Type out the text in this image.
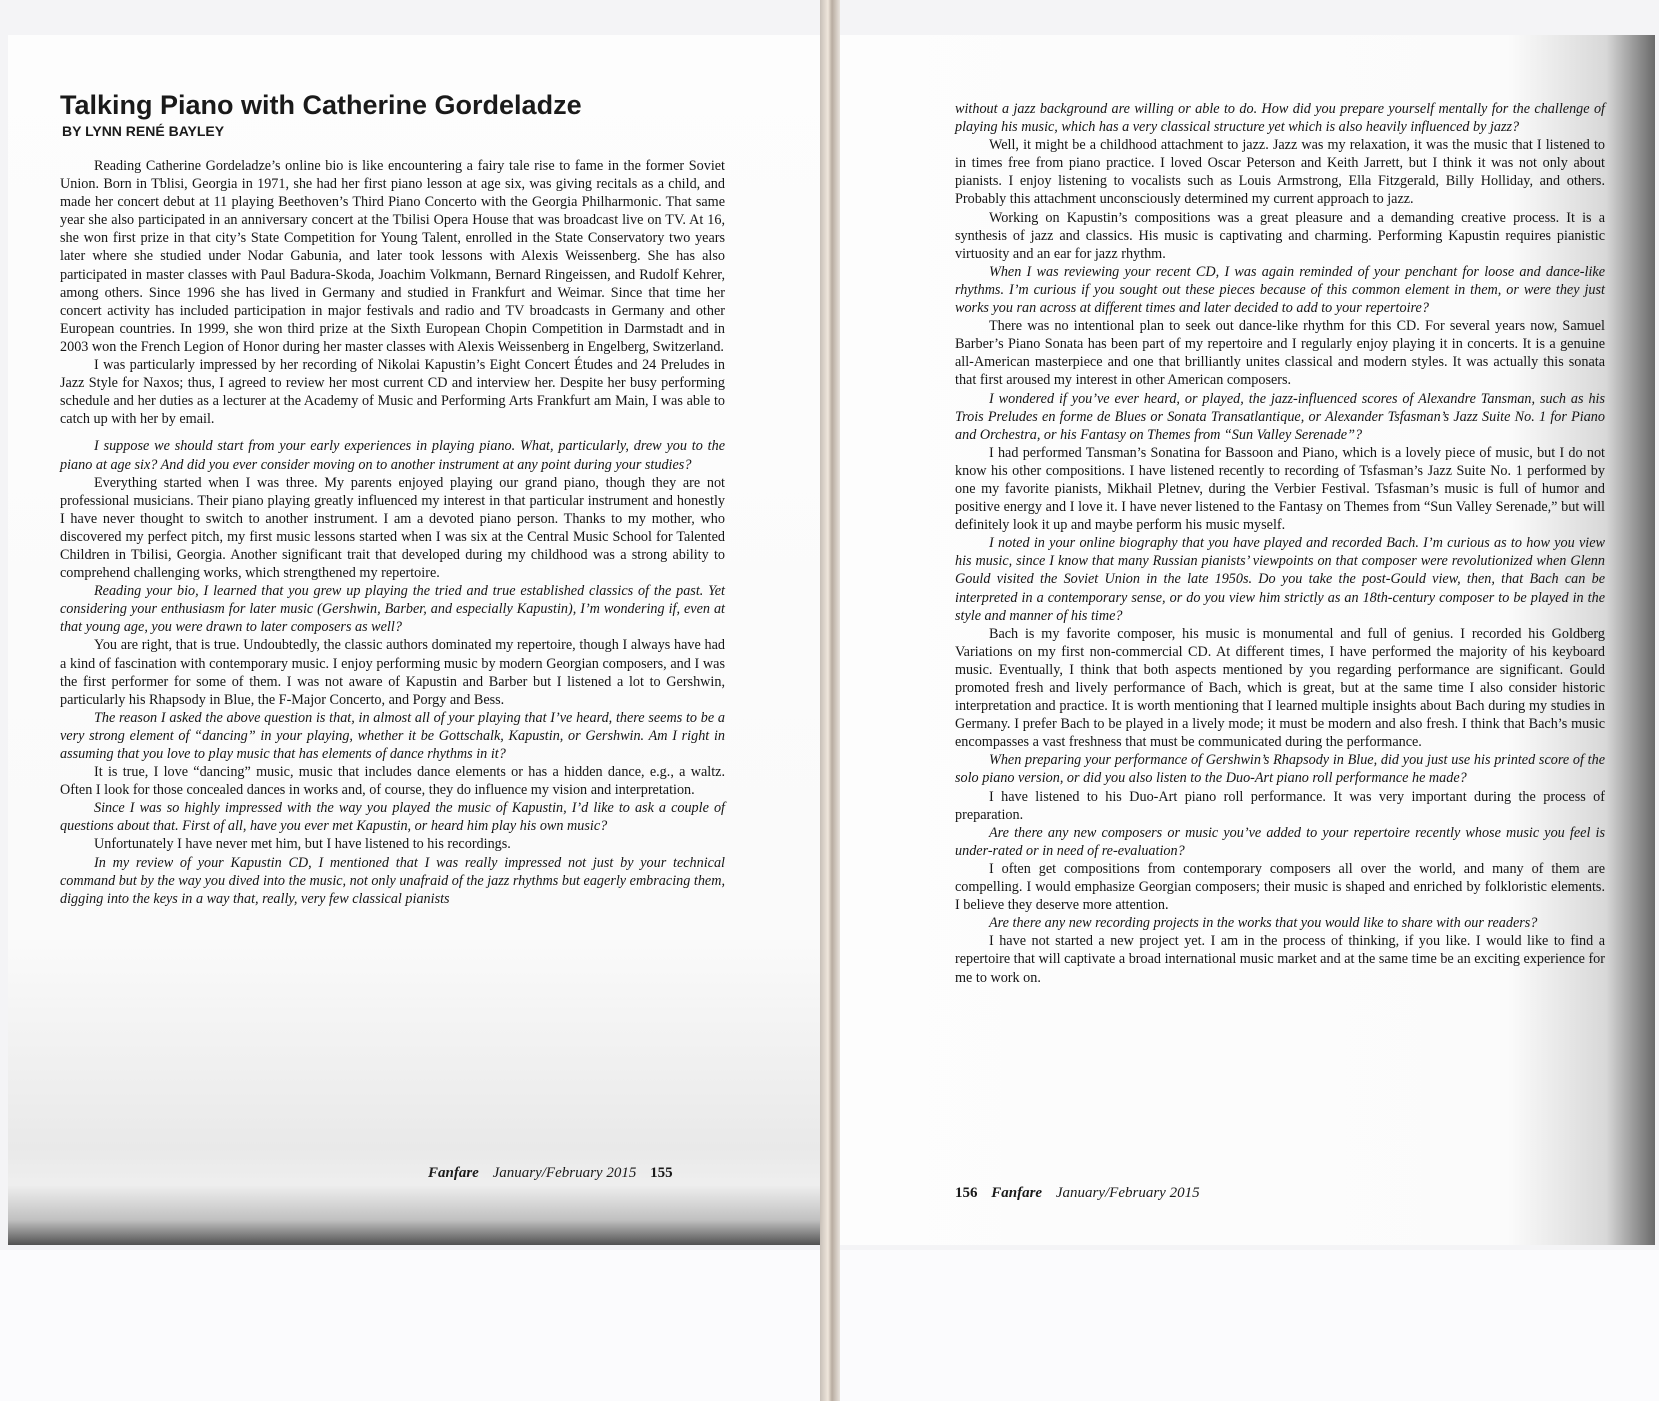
Talking Piano with Catherine Gordeladze
BY LYNN RENÉ BAYLEY

Reading Catherine Gordeladze’s online bio is like encountering a fairy tale rise to fame in the former Soviet Union. Born in Tblisi, Georgia in 1971, she had her first piano lesson at age six, was giving recitals as a child, and made her concert debut at 11 playing Beethoven’s Third Piano Concerto with the Georgia Philharmonic. That same year she also participated in an anniversary concert at the Tbilisi Opera House that was broadcast live on TV. At 16, she won first prize in that city’s State Competition for Young Talent, enrolled in the State Conservatory two years later where she studied under Nodar Gabunia, and later took lessons with Alexis Weissenberg. She has also participated in master classes with Paul Badura-Skoda, Joachim Volkmann, Bernard Ringeissen, and Rudolf Kehrer, among others. Since 1996 she has lived in Germany and studied in Frankfurt and Weimar. Since that time her concert activity has included participation in major festivals and radio and TV broadcasts in Germany and other European countries. In 1999, she won third prize at the Sixth European Chopin Competition in Darmstadt and in 2003 won the French Legion of Honor during her master classes with Alexis Weissenberg in Engelberg, Switzerland.

I was particularly impressed by her recording of Nikolai Kapustin’s Eight Concert Études and 24 Preludes in Jazz Style for Naxos; thus, I agreed to review her most current CD and interview her. Despite her busy performing schedule and her duties as a lecturer at the Academy of Music and Performing Arts Frankfurt am Main, I was able to catch up with her by email.

I suppose we should start from your early experiences in playing piano. What, particularly, drew you to the piano at age six? And did you ever consider moving on to another instrument at any point during your studies?

Everything started when I was three. My parents enjoyed playing our grand piano, though they are not professional musicians. Their piano playing greatly influenced my interest in that particular instrument and honestly I have never thought to switch to another instrument. I am a devoted piano person. Thanks to my mother, who discovered my perfect pitch, my first music lessons started when I was six at the Central Music School for Talented Children in Tbilisi, Georgia. Another significant trait that developed during my childhood was a strong ability to comprehend challenging works, which strengthened my repertoire.

Reading your bio, I learned that you grew up playing the tried and true established classics of the past. Yet considering your enthusiasm for later music (Gershwin, Barber, and especially Kapustin), I’m wondering if, even at that young age, you were drawn to later composers as well?

You are right, that is true. Undoubtedly, the classic authors dominated my repertoire, though I always have had a kind of fascination with contemporary music. I enjoy performing music by modern Georgian composers, and I was the first performer for some of them. I was not aware of Kapustin and Barber but I listened a lot to Gershwin, particularly his Rhapsody in Blue, the F-Major Concerto, and Porgy and Bess.

The reason I asked the above question is that, in almost all of your playing that I’ve heard, there seems to be a very strong element of “dancing” in your playing, whether it be Gottschalk, Kapustin, or Gershwin. Am I right in assuming that you love to play music that has elements of dance rhythms in it?

It is true, I love “dancing” music, music that includes dance elements or has a hidden dance, e.g., a waltz. Often I look for those concealed dances in works and, of course, they do influence my vision and interpretation.

Since I was so highly impressed with the way you played the music of Kapustin, I’d like to ask a couple of questions about that. First of all, have you ever met Kapustin, or heard him play his own music?

Unfortunately I have never met him, but I have listened to his recordings.

In my review of your Kapustin CD, I mentioned that I was really impressed not just by your technical command but by the way you dived into the music, not only unafraid of the jazz rhythms but eagerly embracing them, digging into the keys in a way that, really, very few classical pianists

Fanfare January/February 2015 155

without a jazz background are willing or able to do. How did you prepare yourself mentally for the challenge of playing his music, which has a very classical structure yet which is also heavily influenced by jazz?

Well, it might be a childhood attachment to jazz. Jazz was my relaxation, it was the music that I listened to in times free from piano practice. I loved Oscar Peterson and Keith Jarrett, but I think it was not only about pianists. I enjoy listening to vocalists such as Louis Armstrong, Ella Fitzgerald, Billy Holliday, and others. Probably this attachment unconsciously determined my current approach to jazz.

Working on Kapustin’s compositions was a great pleasure and a demanding creative process. It is a synthesis of jazz and classics. His music is captivating and charming. Performing Kapustin requires pianistic virtuosity and an ear for jazz rhythm.

When I was reviewing your recent CD, I was again reminded of your penchant for loose and dance-like rhythms. I’m curious if you sought out these pieces because of this common element in them, or were they just works you ran across at different times and later decided to add to your repertoire?

There was no intentional plan to seek out dance-like rhythm for this CD. For several years now, Samuel Barber’s Piano Sonata has been part of my repertoire and I regularly enjoy playing it in concerts. It is a genuine all-American masterpiece and one that brilliantly unites classical and modern styles. It was actually this sonata that first aroused my interest in other American composers.

I wondered if you’ve ever heard, or played, the jazz-influenced scores of Alexandre Tansman, such as his Trois Preludes en forme de Blues or Sonata Transatlantique, or Alexander Tsfasman’s Jazz Suite No. 1 for Piano and Orchestra, or his Fantasy on Themes from “Sun Valley Serenade”?

I had performed Tansman’s Sonatina for Bassoon and Piano, which is a lovely piece of music, but I do not know his other compositions. I have listened recently to recording of Tsfasman’s Jazz Suite No. 1 performed by one my favorite pianists, Mikhail Pletnev, during the Verbier Festival. Tsfasman’s music is full of humor and positive energy and I love it. I have never listened to the Fantasy on Themes from “Sun Valley Serenade,” but will definitely look it up and maybe perform his music myself.

I noted in your online biography that you have played and recorded Bach. I’m curious as to how you view his music, since I know that many Russian pianists’ viewpoints on that composer were revolutionized when Glenn Gould visited the Soviet Union in the late 1950s. Do you take the post-Gould view, then, that Bach can be interpreted in a contemporary sense, or do you view him strictly as an 18th-century composer to be played in the style and manner of his time?

Bach is my favorite composer, his music is monumental and full of genius. I recorded his Goldberg Variations on my first non-commercial CD. At different times, I have performed the majority of his keyboard music. Eventually, I think that both aspects mentioned by you regarding performance are significant. Gould promoted fresh and lively performance of Bach, which is great, but at the same time I also consider historic interpretation and practice. It is worth mentioning that I learned multiple insights about Bach during my studies in Germany. I prefer Bach to be played in a lively mode; it must be modern and also fresh. I think that Bach’s music encompasses a vast freshness that must be communicated during the performance.

When preparing your performance of Gershwin’s Rhapsody in Blue, did you just use his printed score of the solo piano version, or did you also listen to the Duo-Art piano roll performance he made?

I have listened to his Duo-Art piano roll performance. It was very important during the process of preparation.

Are there any new composers or music you’ve added to your repertoire recently whose music you feel is under-rated or in need of re-evaluation?

I often get compositions from contemporary composers all over the world, and many of them are compelling. I would emphasize Georgian composers; their music is shaped and enriched by folkloristic elements. I believe they deserve more attention.

Are there any new recording projects in the works that you would like to share with our readers?

I have not started a new project yet. I am in the process of thinking, if you like. I would like to find a repertoire that will captivate a broad international music market and at the same time be an exciting experience for me to work on.

156 Fanfare January/February 2015
